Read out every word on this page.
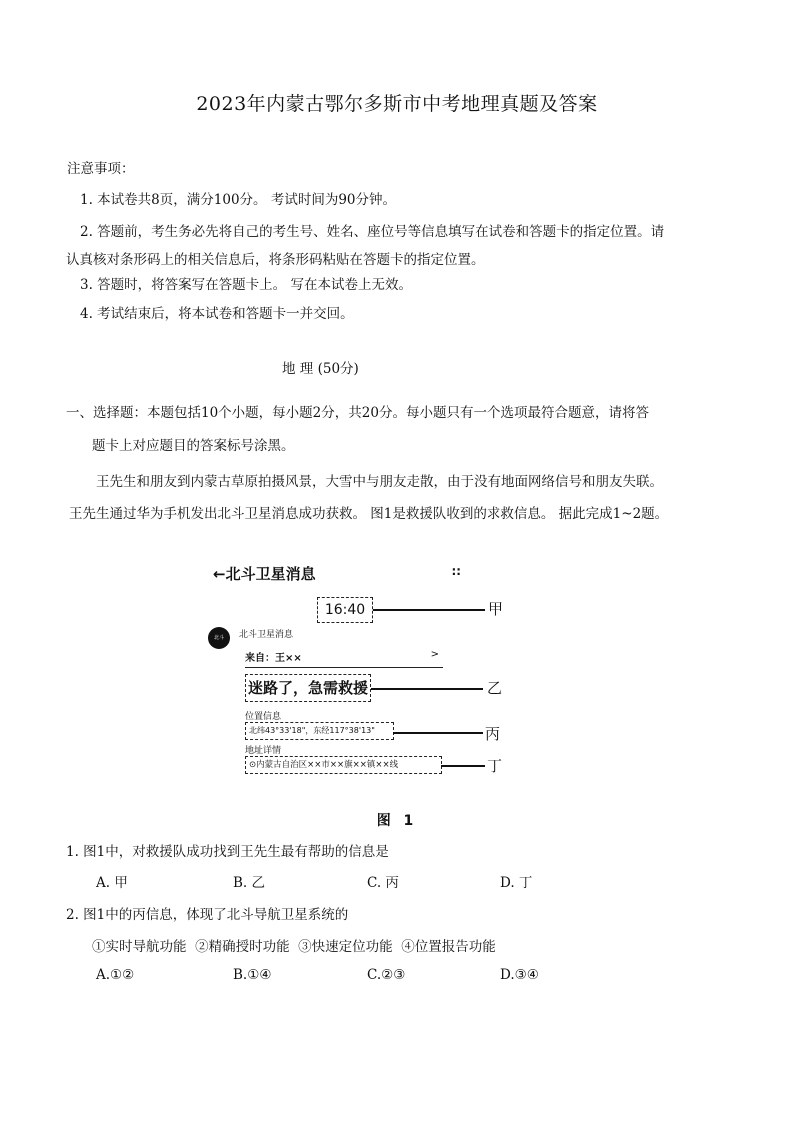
2023年内蒙古鄂尔多斯市中考地理真题及答案
注意事项：
1. 本试卷共8页，满分100分。 考试时间为90分钟。
2. 答题前，考生务必先将自己的考生号、姓名、座位号等信息填写在试卷和答题卡的指定位置。请
认真核对条形码上的相关信息后，将条形码粘贴在答题卡的指定位置。
3. 答题时，将答案写在答题卡上。 写在本试卷上无效。
4. 考试结束后，将本试卷和答题卡一并交回。
地 理 (50分)
一、选择题：本题包括10个小题，每小题2分，共20分。每小题只有一个选项最符合题意，请将答
题卡上对应题目的答案标号涂黑。
王先生和朋友到内蒙古草原拍摄风景，大雪中与朋友走散，由于没有地面网络信号和朋友失联。
王先生通过华为手机发出北斗卫星消息成功获救。 图1是救援队收到的求救信息。 据此完成1~2题。
←北斗卫星消息	∷
16:40
北斗	北斗卫星消息
来自：王××	>
迷路了，急需救援
位置信息
北纬43°33'18"，东经117°38'13"
地址详情
⊙内蒙古自治区××市××旗××镇××线
甲
乙
丙
丁
图 1
1. 图1中，对救援队成功找到王先生最有帮助的信息是
A. 甲	B. 乙	C. 丙	D. 丁
2. 图1中的丙信息，体现了北斗导航卫星系统的
①实时导航功能  ②精确授时功能  ③快速定位功能  ④位置报告功能
A.①②	B.①④	C.②③	D.③④
